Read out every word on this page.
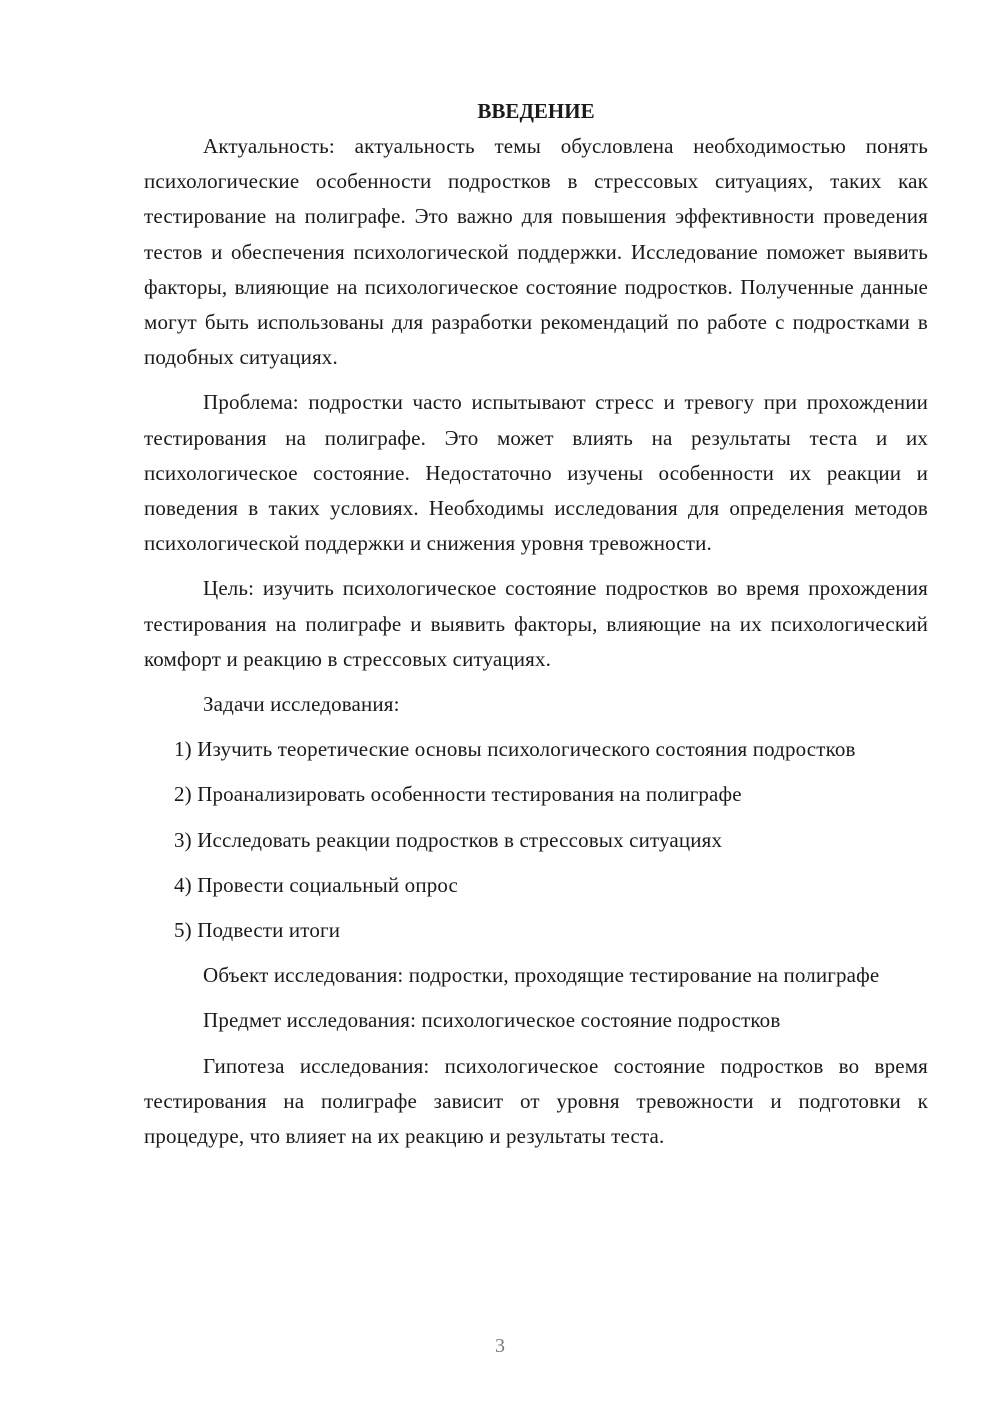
ВВЕДЕНИЕ

Актуальность: актуальность темы обусловлена необходимостью понять психологические особенности подростков в стрессовых ситуациях, таких как тестирование на полиграфе. Это важно для повышения эффективности проведения тестов и обеспечения психологической поддержки. Исследование поможет выявить факторы, влияющие на психологическое состояние подростков. Полученные данные могут быть использованы для разработки рекомендаций по работе с подростками в подобных ситуациях.

Проблема: подростки часто испытывают стресс и тревогу при прохождении тестирования на полиграфе. Это может влиять на результаты теста и их психологическое состояние. Недостаточно изучены особенности их реакции и поведения в таких условиях. Необходимы исследования для определения методов психологической поддержки и снижения уровня тревожности.

Цель: изучить психологическое состояние подростков во время прохождения тестирования на полиграфе и выявить факторы, влияющие на их психологический комфорт и реакцию в стрессовых ситуациях.

Задачи исследования:

1) Изучить теоретические основы психологического состояния подростков

2) Проанализировать особенности тестирования на полиграфе

3) Исследовать реакции подростков в стрессовых ситуациях

4) Провести социальный опрос

5) Подвести итоги

Объект исследования: подростки, проходящие тестирование на полиграфе

Предмет исследования: психологическое состояние подростков

Гипотеза исследования: психологическое состояние подростков во время тестирования на полиграфе зависит от уровня тревожности и подготовки к процедуре, что влияет на их реакцию и результаты теста.

3
